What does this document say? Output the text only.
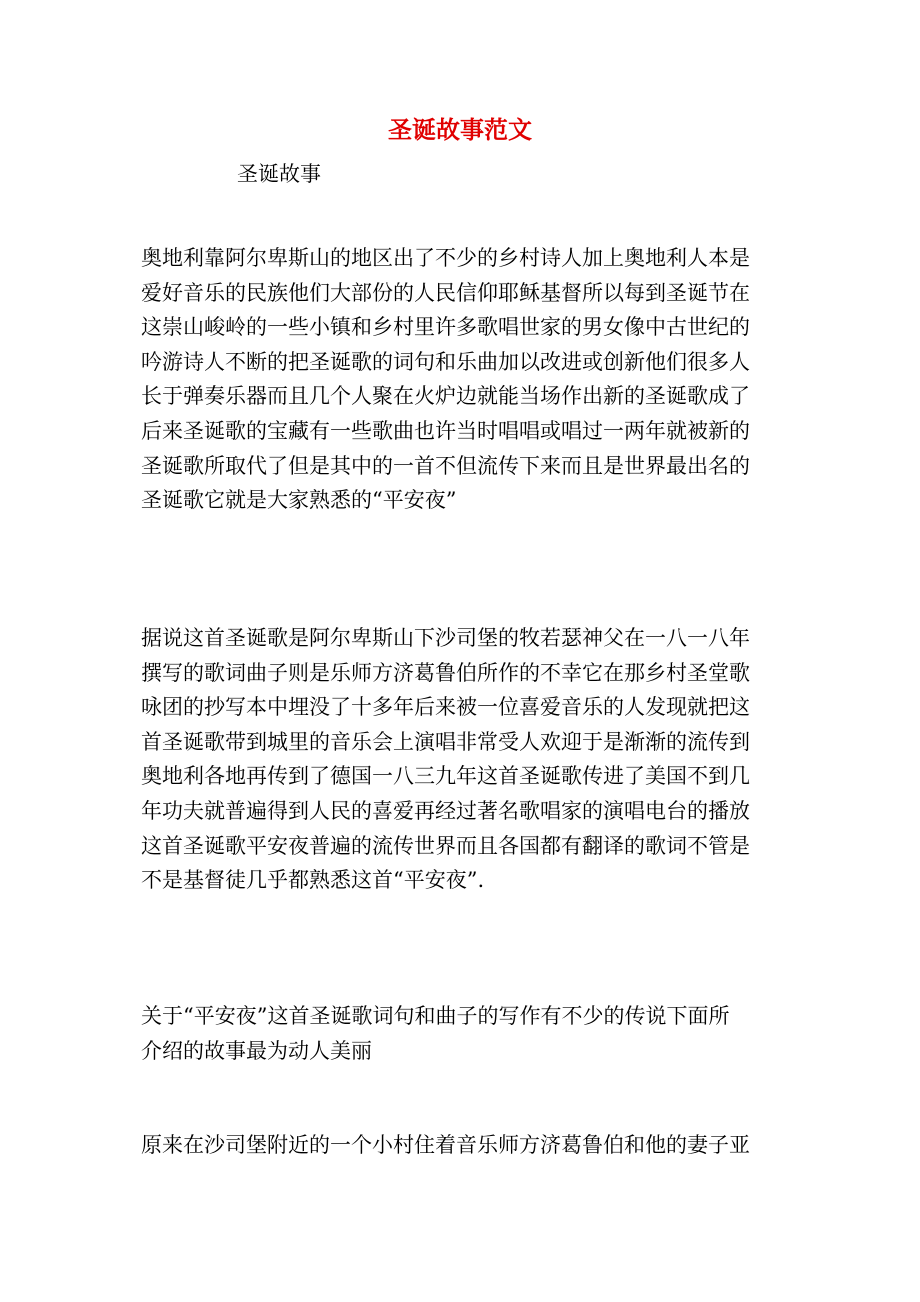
圣诞故事范文
圣诞故事
奥地利靠阿尔卑斯山的地区出了不少的乡村诗人加上奥地利人本是
爱好音乐的民族他们大部份的人民信仰耶稣基督所以每到圣诞节在
这崇山峻岭的一些小镇和乡村里许多歌唱世家的男女像中古世纪的
吟游诗人不断的把圣诞歌的词句和乐曲加以改进或创新他们很多人
长于弹奏乐器而且几个人聚在火炉边就能当场作出新的圣诞歌成了
后来圣诞歌的宝藏有一些歌曲也许当时唱唱或唱过一两年就被新的
圣诞歌所取代了但是其中的一首不但流传下来而且是世界最出名的
圣诞歌它就是大家熟悉的“平安夜”
据说这首圣诞歌是阿尔卑斯山下沙司堡的牧若瑟神父在一八一八年
撰写的歌词曲子则是乐师方济葛鲁伯所作的不幸它在那乡村圣堂歌
咏团的抄写本中埋没了十多年后来被一位喜爱音乐的人发现就把这
首圣诞歌带到城里的音乐会上演唱非常受人欢迎于是渐渐的流传到
奥地利各地再传到了德国一八三九年这首圣诞歌传进了美国不到几
年功夫就普遍得到人民的喜爱再经过著名歌唱家的演唱电台的播放
这首圣诞歌平安夜普遍的流传世界而且各国都有翻译的歌词不管是
不是基督徒几乎都熟悉这首“平安夜”.
关于“平安夜”这首圣诞歌词句和曲子的写作有不少的传说下面所
介绍的故事最为动人美丽
原来在沙司堡附近的一个小村住着音乐师方济葛鲁伯和他的妻子亚
